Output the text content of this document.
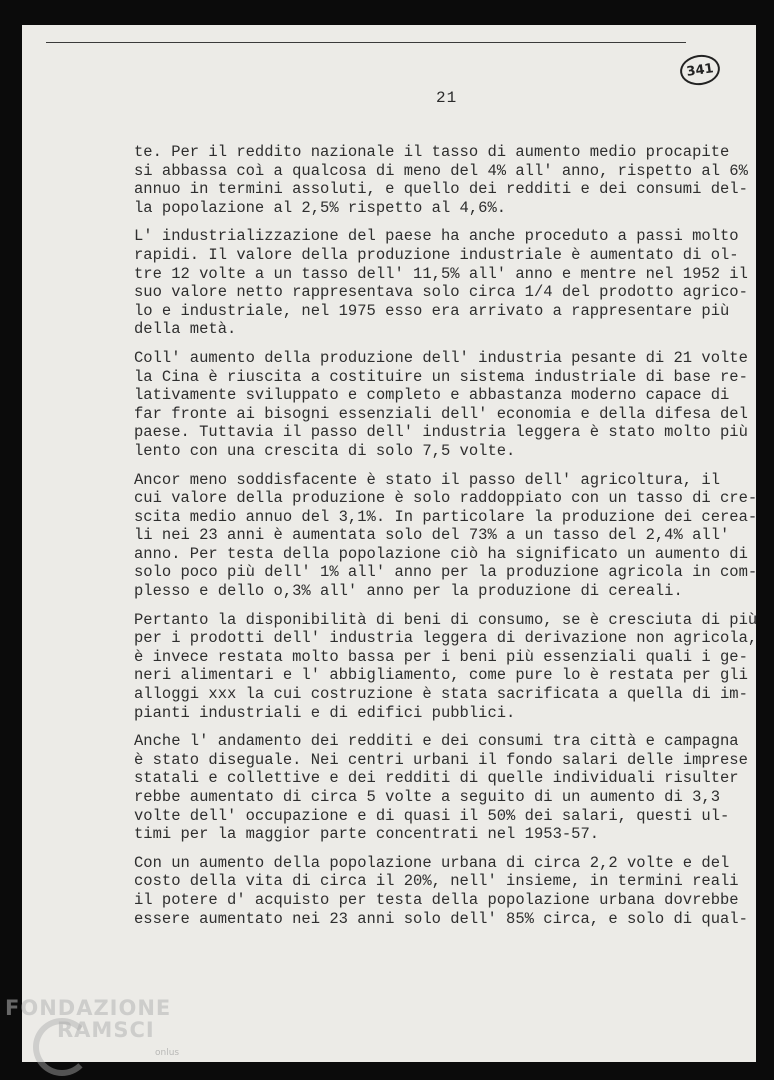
341
21

te. Per il reddito nazionale il tasso di aumento medio procapite
si abbassa coì a qualcosa di meno del 4% all' anno, rispetto al 6%
annuo in termini assoluti, e quello dei redditi e dei consumi del-
la popolazione al 2,5% rispetto al 4,6%.

L' industrializzazione del paese ha anche proceduto a passi molto
rapidi. Il valore della produzione industriale è aumentato di ol-
tre 12 volte a un tasso dell' 11,5% all' anno e mentre nel 1952 il
suo valore netto rappresentava solo circa 1/4 del prodotto agrico-
lo e industriale, nel 1975 esso era arrivato a rappresentare più
della metà.

Coll' aumento della produzione dell' industria pesante di 21 volte
la Cina è riuscita a costituire un sistema industriale di base re-
lativamente sviluppato e completo e abbastanza moderno capace di
far fronte ai bisogni essenziali dell' economia e della difesa del
paese. Tuttavia il passo dell' industria leggera è stato molto più
lento con una crescita di solo 7,5 volte.

Ancor meno soddisfacente è stato il passo dell' agricoltura, il
cui valore della produzione è solo raddoppiato con un tasso di cre-
scita medio annuo del 3,1%. In particolare la produzione dei cerea-
li nei 23 anni è aumentata solo del 73% a un tasso del 2,4% all'
anno. Per testa della popolazione ciò ha significato un aumento di
solo poco più dell' 1% all' anno per la produzione agricola in com-
plesso e dello o,3% all' anno per la produzione di cereali.

Pertanto la disponibilità di beni di consumo, se è cresciuta di più
per i prodotti dell' industria leggera di derivazione non agricola,
è invece restata molto bassa per i beni più essenziali quali i ge-
neri alimentari e l' abbigliamento, come pure lo è restata per gli
alloggi xxx la cui costruzione è stata sacrificata a quella di im-
pianti industriali e di edifici pubblici.

Anche l' andamento dei redditi e dei consumi tra città e campagna
è stato diseguale. Nei centri urbani il fondo salari delle imprese
statali e collettive e dei redditi di quelle individuali risulter
rebbe aumentato di circa 5 volte a seguito di un aumento di 3,3
volte dell' occupazione e di quasi il 50% dei salari, questi ul-
timi per la maggior parte concentrati nel 1953-57.

Con un aumento della popolazione urbana di circa 2,2 volte e del
costo della vita di circa il 20%, nell' insieme, in termini reali
il potere d' acquisto per testa della popolazione urbana dovrebbe
essere aumentato nei 23 anni solo dell' 85% circa, e solo di qual-

FONDAZIONE
RAMSCI
onlus
